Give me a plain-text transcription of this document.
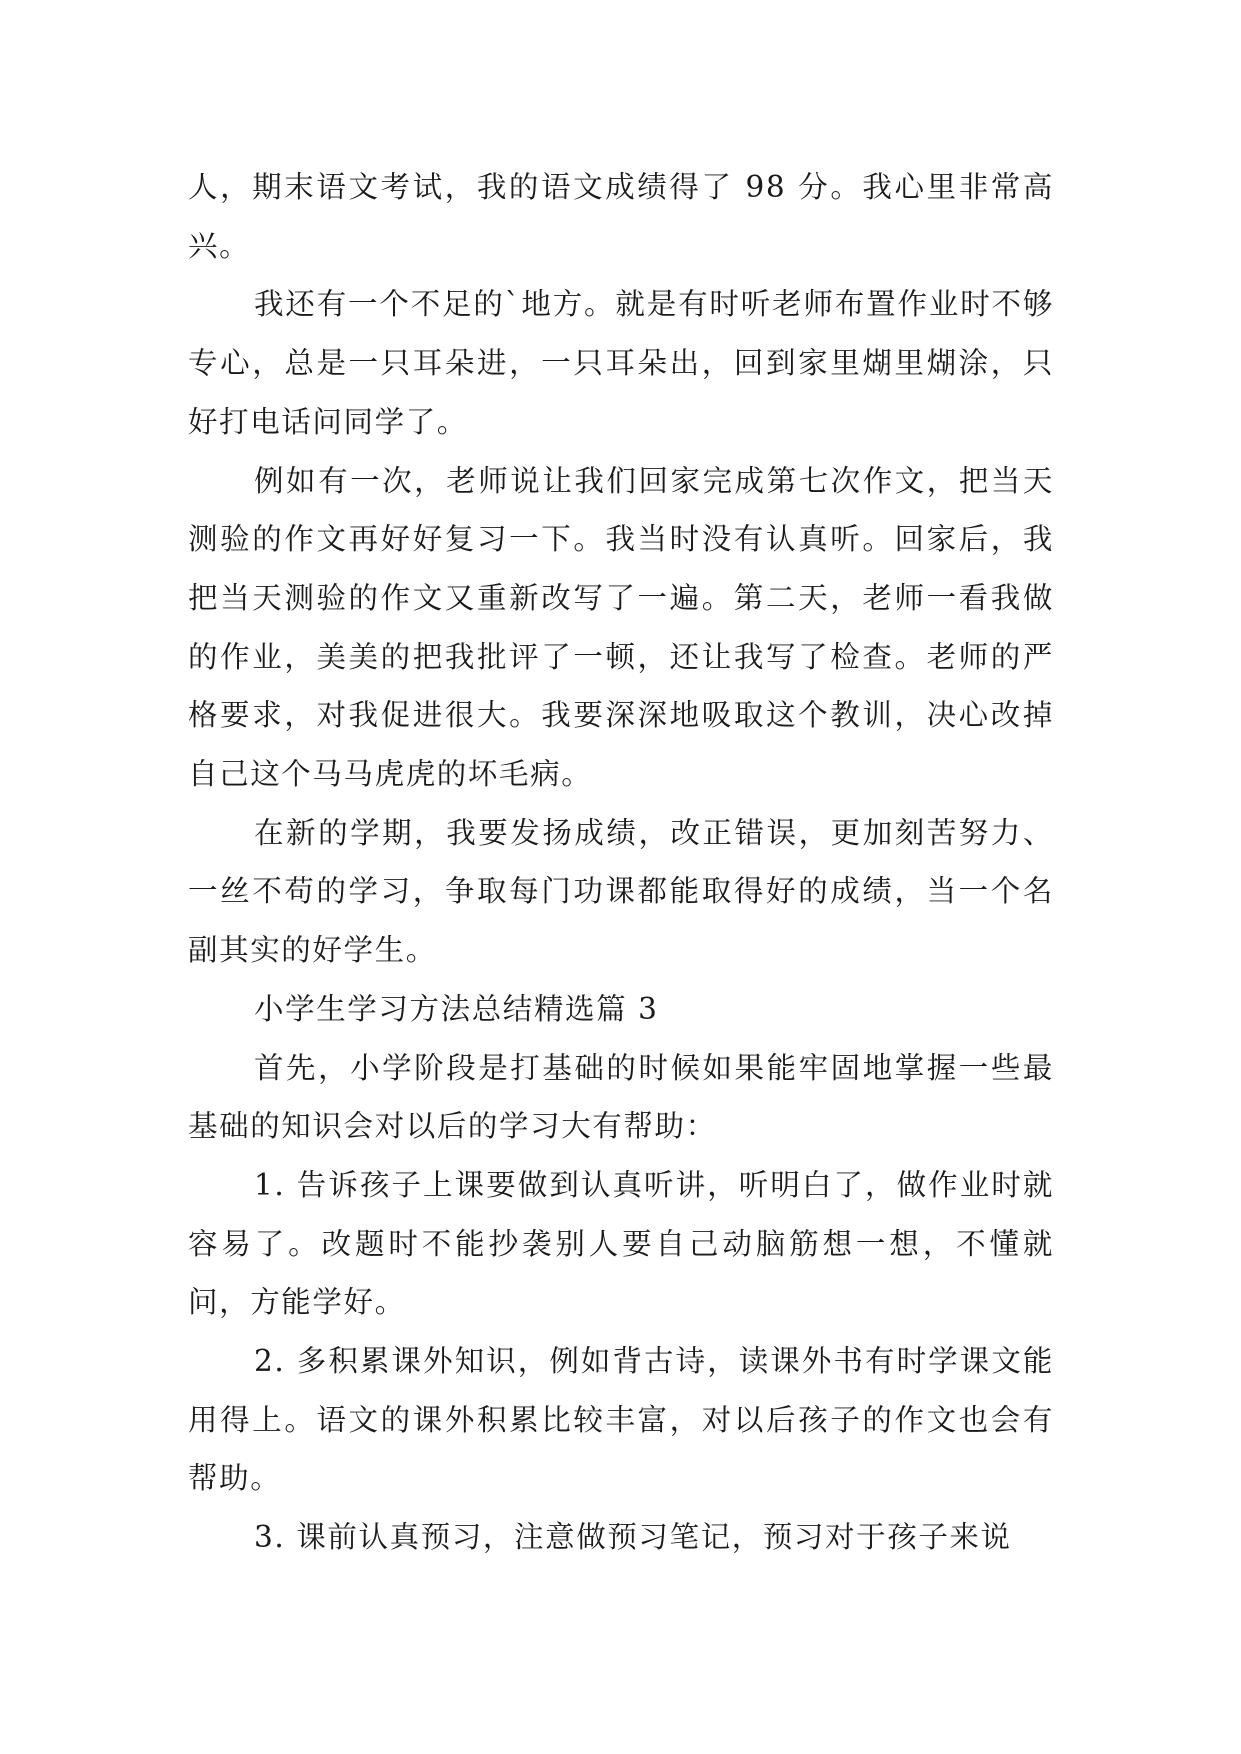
人，期末语文考试，我的语文成绩得了 98 分。我心里非常高兴。

我还有一个不足的`地方。就是有时听老师布置作业时不够专心，总是一只耳朵进，一只耳朵出，回到家里煳里煳涂，只好打电话问同学了。

例如有一次，老师说让我们回家完成第七次作文，把当天测验的作文再好好复习一下。我当时没有认真听。回家后，我把当天测验的作文又重新改写了一遍。第二天，老师一看我做的作业，美美的把我批评了一顿，还让我写了检查。老师的严格要求，对我促进很大。我要深深地吸取这个教训，决心改掉自己这个马马虎虎的坏毛病。

在新的学期，我要发扬成绩，改正错误，更加刻苦努力、一丝不苟的学习，争取每门功课都能取得好的成绩，当一个名副其实的好学生。

小学生学习方法总结精选篇 3

首先，小学阶段是打基础的时候如果能牢固地掌握一些最基础的知识会对以后的学习大有帮助：

1. 告诉孩子上课要做到认真听讲，听明白了，做作业时就容易了。改题时不能抄袭别人要自己动脑筋想一想，不懂就问，方能学好。

2. 多积累课外知识，例如背古诗，读课外书有时学课文能用得上。语文的课外积累比较丰富，对以后孩子的作文也会有帮助。

3. 课前认真预习，注意做预习笔记，预习对于孩子来说
